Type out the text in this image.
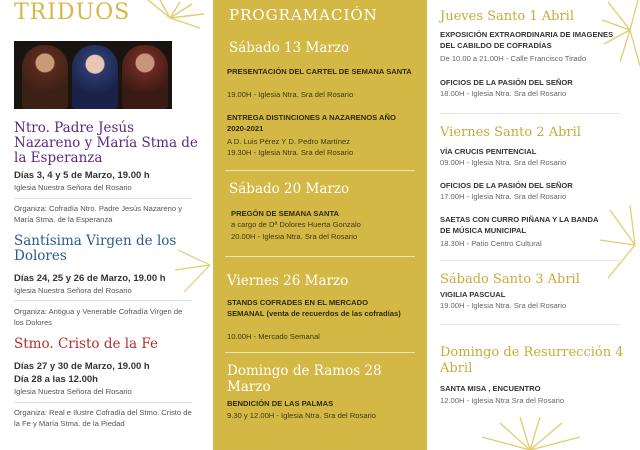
TRIDUOS
Ntro. Padre Jesús Nazareno y María Stma de la Esperanza
Días 3, 4 y 5 de Marzo, 19.00 h
Iglesia Nuestra Señora del Rosario
Organiza: Cofradía Ntro. Padre Jesús Nazareno y María Stma. de la Esperanza
Santísima Virgen de los Dolores
Días 24, 25 y 26 de Marzo, 19.00 h
Iglesia Nuestra Señora del Rosario
Organiza: Antigua y Venerable Cofradía Virgen de los Dolores
Stmo. Cristo de la Fe
Días 27 y 30 de Marzo, 19.00 h
Día 28 a las 12.00h
Iglesia Nuestra Señora del Rosario
Organiza: Real e Ilustre Cofradía del Stmo. Cristo de la Fe y María Stma. de la Piedad
PROGRAMACIÓN
Sábado 13 Marzo
PRESENTACIÓN DEL CARTEL DE SEMANA SANTA
19.00H - Iglesia Ntra. Sra del Rosario
ENTREGA DISTINCIONES A NAZARENOS AÑO 2020-2021
A D. Luis Pérez Y D. Pedro Martínez
19.30H - Iglesia Ntra. Sra del Rosario
Sábado 20 Marzo
PREGÓN DE SEMANA SANTA
a cargo de Dª Dolores Huerta Gonzalo
20.00H - Iglesia Ntra. Sra del Rosario
Viernes 26 Marzo
STANDS COFRADES EN EL MERCADO SEMANAL (venta de recuerdos de las cofradías)
10.00H - Mercado Semanal
Domingo de Ramos 28 Marzo
BENDICIÓN DE LAS PALMAS
9.30 y 12.00H - Iglesia Ntra. Sra del Rosario
Jueves Santo 1 Abril
EXPOSICIÓN EXTRAORDINARIA DE IMAGENES DEL CABILDO DE COFRADÍAS
De 10.00 a 21.00H - Calle Francisco Tirado
OFICIOS DE LA PASIÓN DEL SEÑOR
18.00H - Iglesia Ntra. Sra del Rosario
Viernes Santo 2 Abril
VÍA CRUCIS PENITENCIAL
09.00H - Iglesia Ntra. Sra del Rosario
OFICIOS DE LA PASIÓN DEL SEÑOR
17.00H - Iglesia Ntra. Sra del Rosario
SAETAS CON CURRO PIÑANA Y LA BANDA DE MÚSICA MUNICIPAL
18.30H - Patio Centro Cultural
Sábado Santo 3 Abril
VIGILIA PASCUAL
19.00H - Iglesia Ntra. Sra del Rosario
Domingo de Resurrección 4 Abril
SANTA MISA , ENCUENTRO
12.00H - Iglesia Ntra Sra del Rosario
